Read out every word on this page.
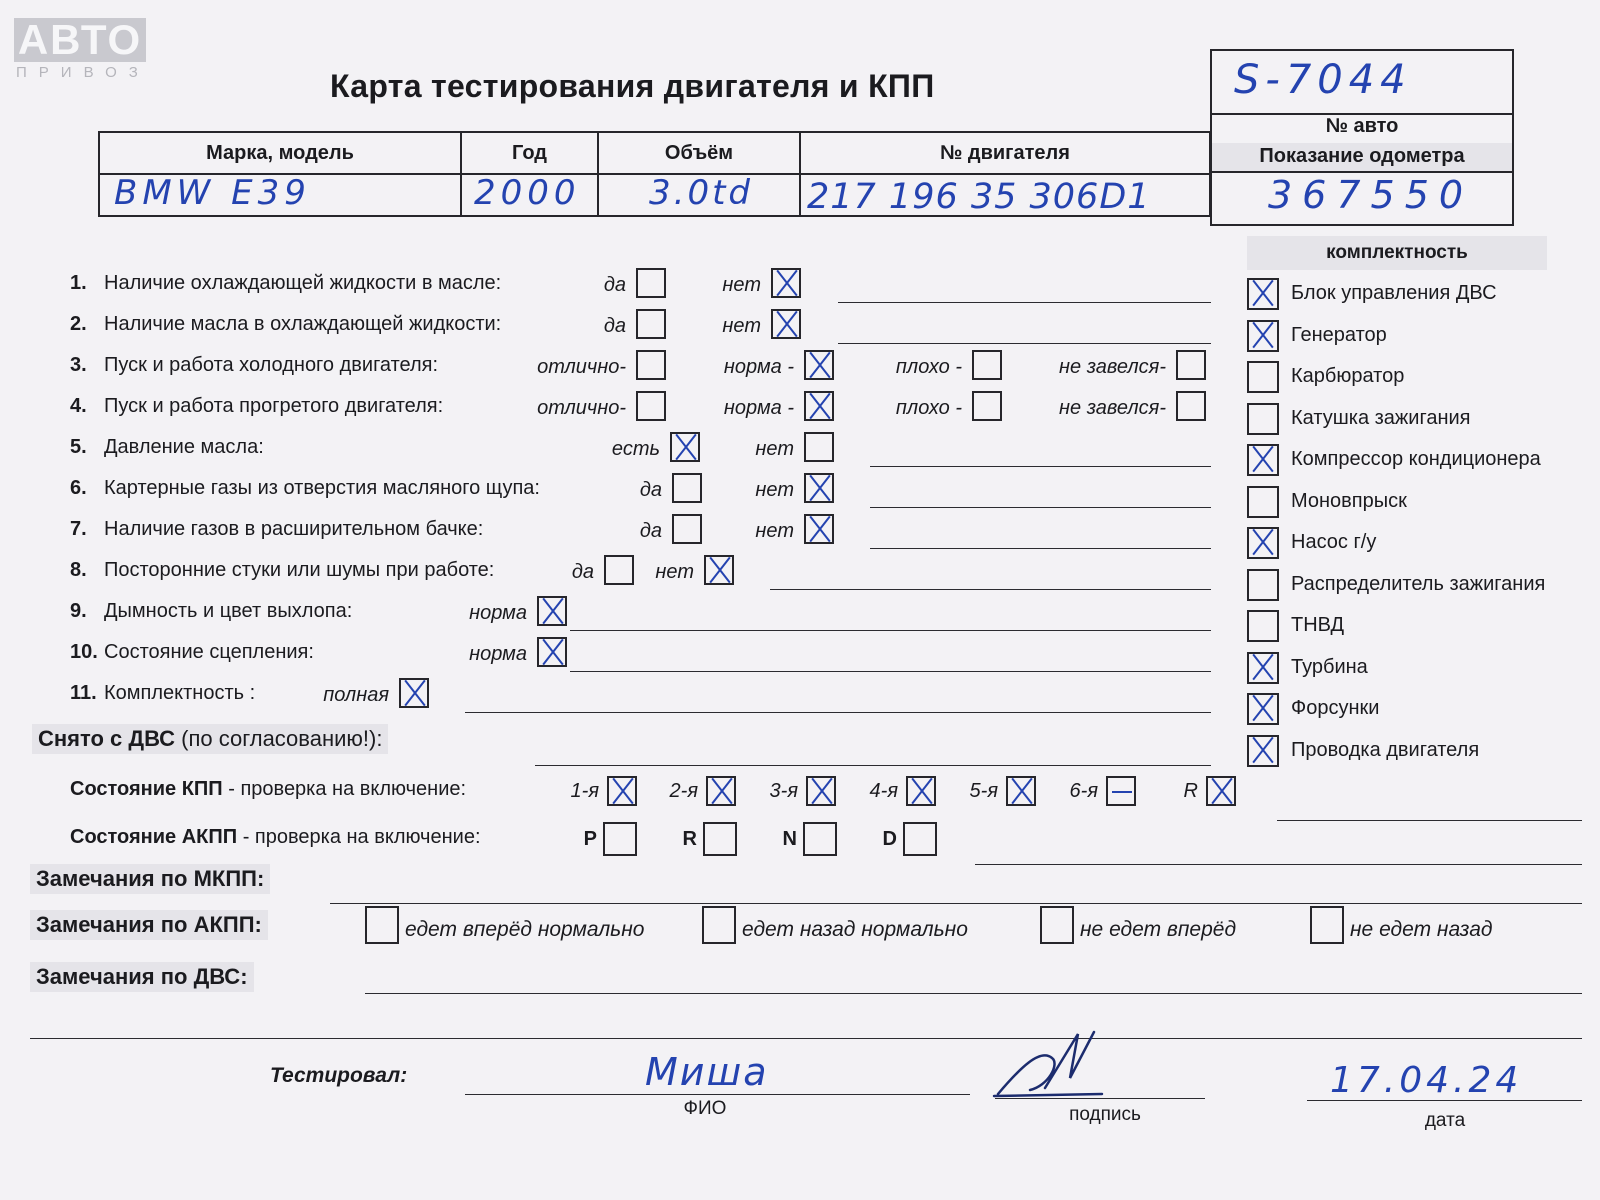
АВТО
ПРИВОЗ	Карта тестирования двигателя и КПП	S-7044
№ авто
Показание одометра
367550
Марка, модель	Год	Объём	№ двигателя

BMW E39	2000	3.0td	217 196 35 306D1
комплектность
Блок управления ДВС
Генератор
Карбюратор
Катушка зажигания
Компрессор кондиционера
Моновпрыск
Насос г/у
Распределитель зажигания
ТНВД
Турбина
Форсунки
Проводка двигателя
1. Наличие охлаждающей жидкости в масле:	да	нет
2. Наличие масла в охлаждающей жидкости:	да	нет
3. Пуск и работа холодного двигателя:	отлично-	норма -	плохо -	не завелся-
4. Пуск и работа прогретого двигателя:	отлично-	норма -	плохо -	не завелся-
5. Давление масла:	есть	нет
6. Картерные газы из отверстия масляного щупа:	да	нет
7. Наличие газов в расширительном бачке:	да	нет
8. Посторонние стуки или шумы при работе:	да	нет
9. Дымность и цвет выхлопа:	норма
10. Состояние сцепления:	норма
11. Комплектность :	полная
Снято с ДВС (по согласованию!):
Состояние КПП - проверка на включение:	1-я	2-я	3-я	4-я	5-я	6-я	R
Состояние АКПП - проверка на включение:	P	R	N	D
Замечания по МКПП:
Замечания по АКПП:	едет вперёд нормально	едет назад нормально	не едет вперёд	не едет назад
Замечания по ДВС:
Тестировал:	Миша
ФИО	подпись
17.04.24
дата
